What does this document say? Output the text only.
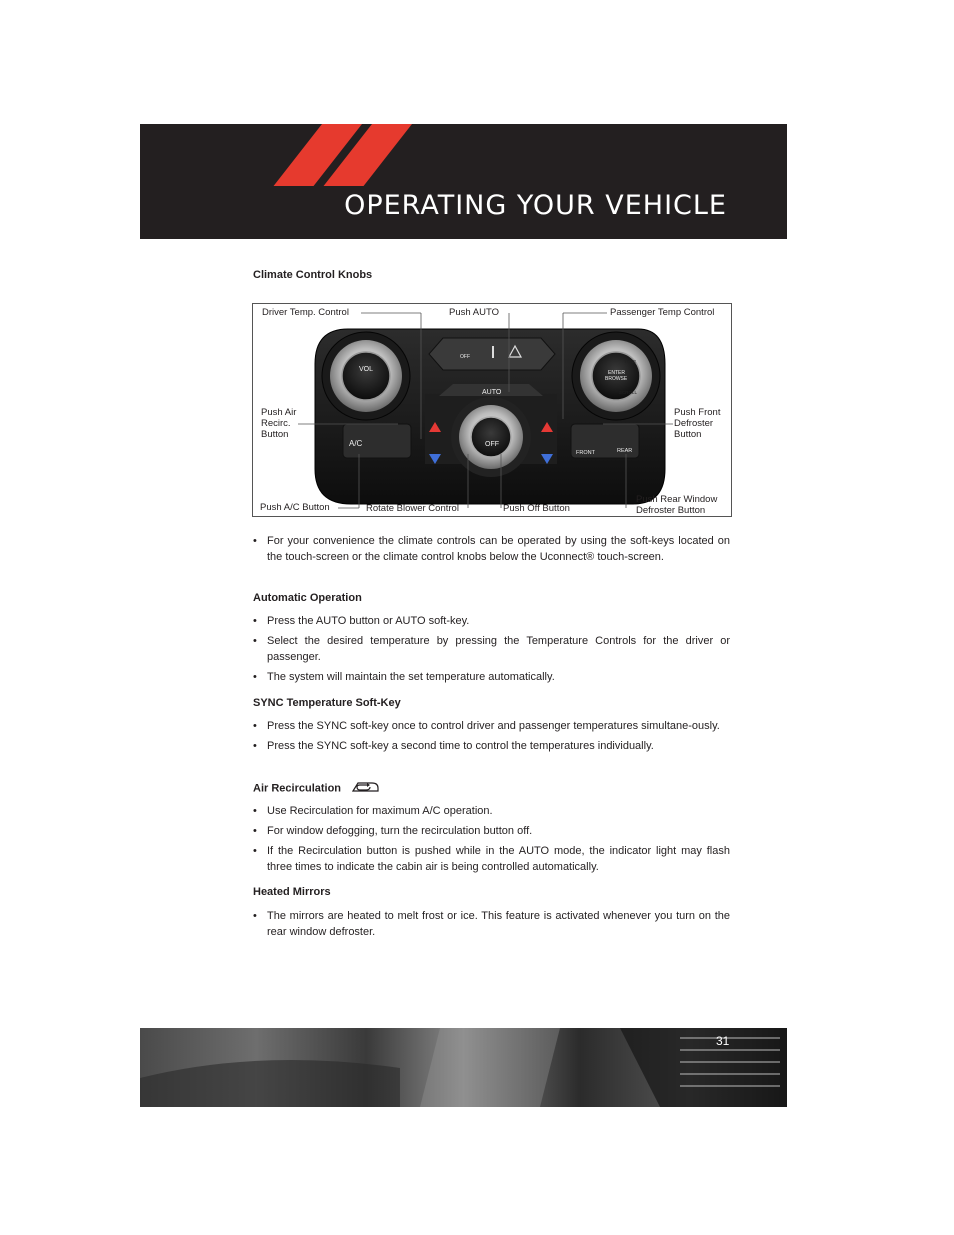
OPERATING YOUR VEHICLE
Climate Control Knobs
VOL
AUTO
OFF
A/C
FRONT	REAR
ENTER
BROWSE
TUNE
SCROLL
OFF
Driver Temp. Control	Push AUTO	Passenger Temp Control
Push Air
Recirc.
Button
Push Front
Defroster
Button
Push A/C Button	Rotate Blower Control	Push Off Button
Push Rear Window
Defroster Button
• For your convenience the climate controls can be operated by using the soft-keys located on the touch-screen or the climate control knobs below the Uconnect® touch-screen.
Automatic Operation
• Press the AUTO button or AUTO soft-key.
• Select the desired temperature by pressing the Temperature Controls for the driver or passenger.
• The system will maintain the set temperature automatically.
SYNC Temperature Soft-Key
• Press the SYNC soft-key once to control driver and passenger temperatures simultane-ously.
• Press the SYNC soft-key a second time to control the temperatures individually.
Air Recirculation
• Use Recirculation for maximum A/C operation.
• For window defogging, turn the recirculation button off.
• If the Recirculation button is pushed while in the AUTO mode, the indicator light may flash three times to indicate the cabin air is being controlled automatically.
Heated Mirrors
• The mirrors are heated to melt frost or ice. This feature is activated whenever you turn on the rear window defroster.
31
